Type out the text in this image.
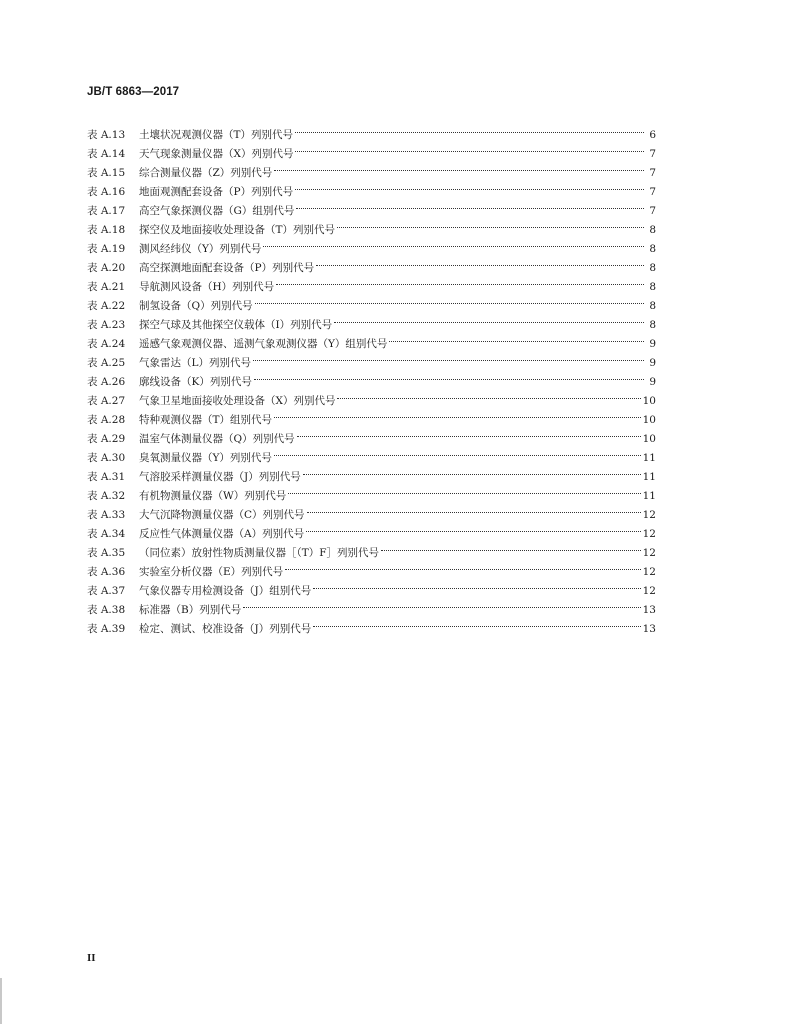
JB/T 6863—2017
表 A.13	土壤状况观测仪器（T）列别代号	6
表 A.14	天气现象测量仪器（X）列别代号	7
表 A.15	综合测量仪器（Z）列别代号	7
表 A.16	地面观测配套设备（P）列别代号	7
表 A.17	高空气象探测仪器（G）组别代号	7
表 A.18	探空仪及地面接收处理设备（T）列别代号	8
表 A.19	测风经纬仪（Y）列别代号	8
表 A.20	高空探测地面配套设备（P）列别代号	8
表 A.21	导航测风设备（H）列别代号	8
表 A.22	制氢设备（Q）列别代号	8
表 A.23	探空气球及其他探空仪载体（I）列别代号	8
表 A.24	遥感气象观测仪器、遥测气象观测仪器（Y）组别代号	9
表 A.25	气象雷达（L）列别代号	9
表 A.26	廓线设备（K）列别代号	9
表 A.27	气象卫星地面接收处理设备（X）列别代号	10
表 A.28	特种观测仪器（T）组别代号	10
表 A.29	温室气体测量仪器（Q）列别代号	10
表 A.30	臭氧测量仪器（Y）列别代号	11
表 A.31	气溶胶采样测量仪器（J）列别代号	11
表 A.32	有机物测量仪器（W）列别代号	11
表 A.33	大气沉降物测量仪器（C）列别代号	12
表 A.34	反应性气体测量仪器（A）列别代号	12
表 A.35	（同位素）放射性物质测量仪器［（T）F］列别代号	12
表 A.36	实验室分析仪器（E）列别代号	12
表 A.37	气象仪器专用检测设备（J）组别代号	12
表 A.38	标准器（B）列别代号	13
表 A.39	检定、测试、校准设备（J）列别代号	13
II
